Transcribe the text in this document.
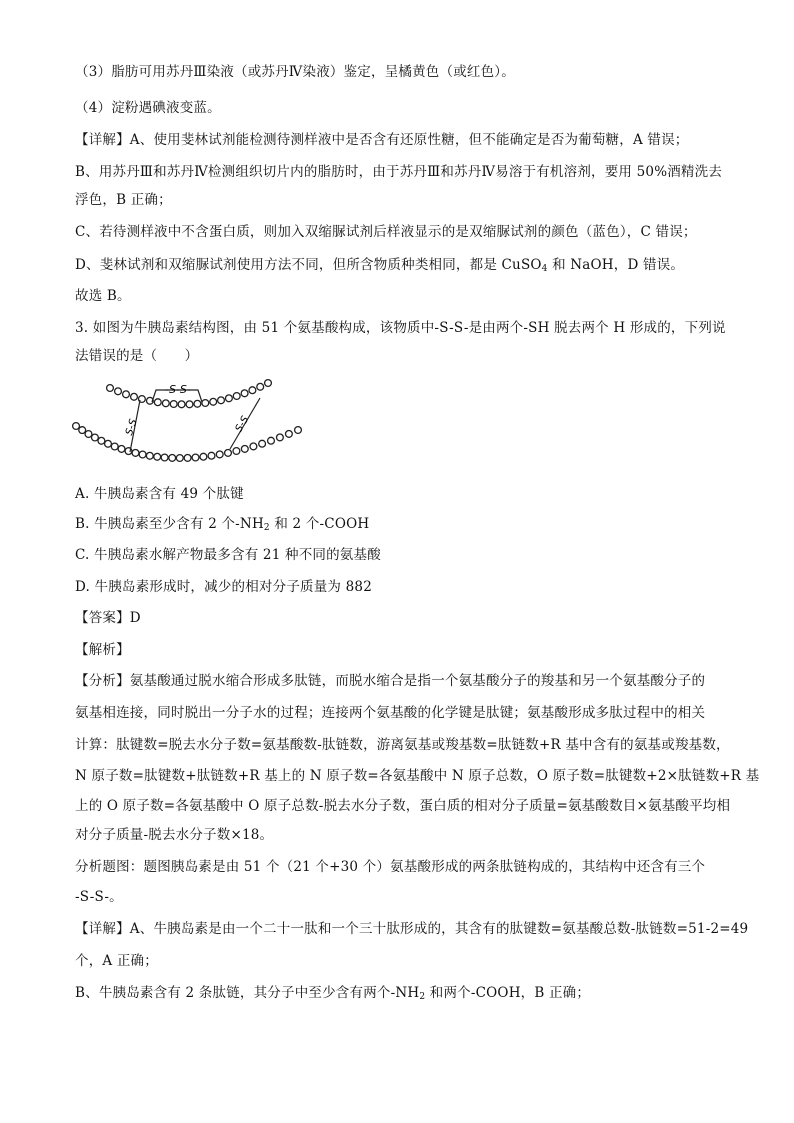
（3）脂肪可用苏丹Ⅲ染液（或苏丹Ⅳ染液）鉴定，呈橘黄色（或红色）。
（4）淀粉遇碘液变蓝。
【详解】A、使用斐林试剂能检测待测样液中是否含有还原性糖，但不能确定是否为葡萄糖，A 错误；
B、用苏丹Ⅲ和苏丹Ⅳ检测组织切片内的脂肪时，由于苏丹Ⅲ和苏丹Ⅳ易溶于有机溶剂，要用 50%酒精洗去
浮色，B 正确；
C、若待测样液中不含蛋白质，则加入双缩脲试剂后样液显示的是双缩脲试剂的颜色（蓝色），C 错误；
D、斐林试剂和双缩脲试剂使用方法不同，但所含物质种类相同，都是 CuSO$_4$ 和 NaOH，D 错误。
故选 B。
3. 如图为牛胰岛素结构图，由 51 个氨基酸构成，该物质中-S-S-是由两个-SH 脱去两个 H 形成的，下列说
法错误的是（　　）
-S-S-
S-S	S-S
A. 牛胰岛素含有 49 个肽键
B. 牛胰岛素至少含有 2 个$-NH_2$ 和 2 个-COOH
C. 牛胰岛素水解产物最多含有 21 种不同的氨基酸
D. 牛胰岛素形成时，减少的相对分子质量为 882
【答案】D
【解析】
【分析】氨基酸通过脱水缩合形成多肽链，而脱水缩合是指一个氨基酸分子的羧基和另一个氨基酸分子的
氨基相连接，同时脱出一分子水的过程；连接两个氨基酸的化学键是肽键；氨基酸形成多肽过程中的相关
计算：肽键数=脱去水分子数=氨基酸数-肽链数，游离氨基或羧基数=肽链数+R 基中含有的氨基或羧基数，
N 原子数=肽键数+肽链数+R 基上的 N 原子数=各氨基酸中 N 原子总数，O 原子数=肽键数+2×肽链数+R 基
上的 O 原子数=各氨基酸中 O 原子总数-脱去水分子数，蛋白质的相对分子质量=氨基酸数目×氨基酸平均相
对分子质量-脱去水分子数×18。
分析题图：题图胰岛素是由 51 个（21 个+30 个）氨基酸形成的两条肽链构成的，其结构中还含有三个
-S-S-。
【详解】A、牛胰岛素是由一个二十一肽和一个三十肽形成的，其含有的肽键数=氨基酸总数-肽链数=51-2=49
个，A 正确；
B、牛胰岛素含有 2 条肽链，其分子中至少含有两个$-NH_2$ 和两个-COOH，B 正确；
